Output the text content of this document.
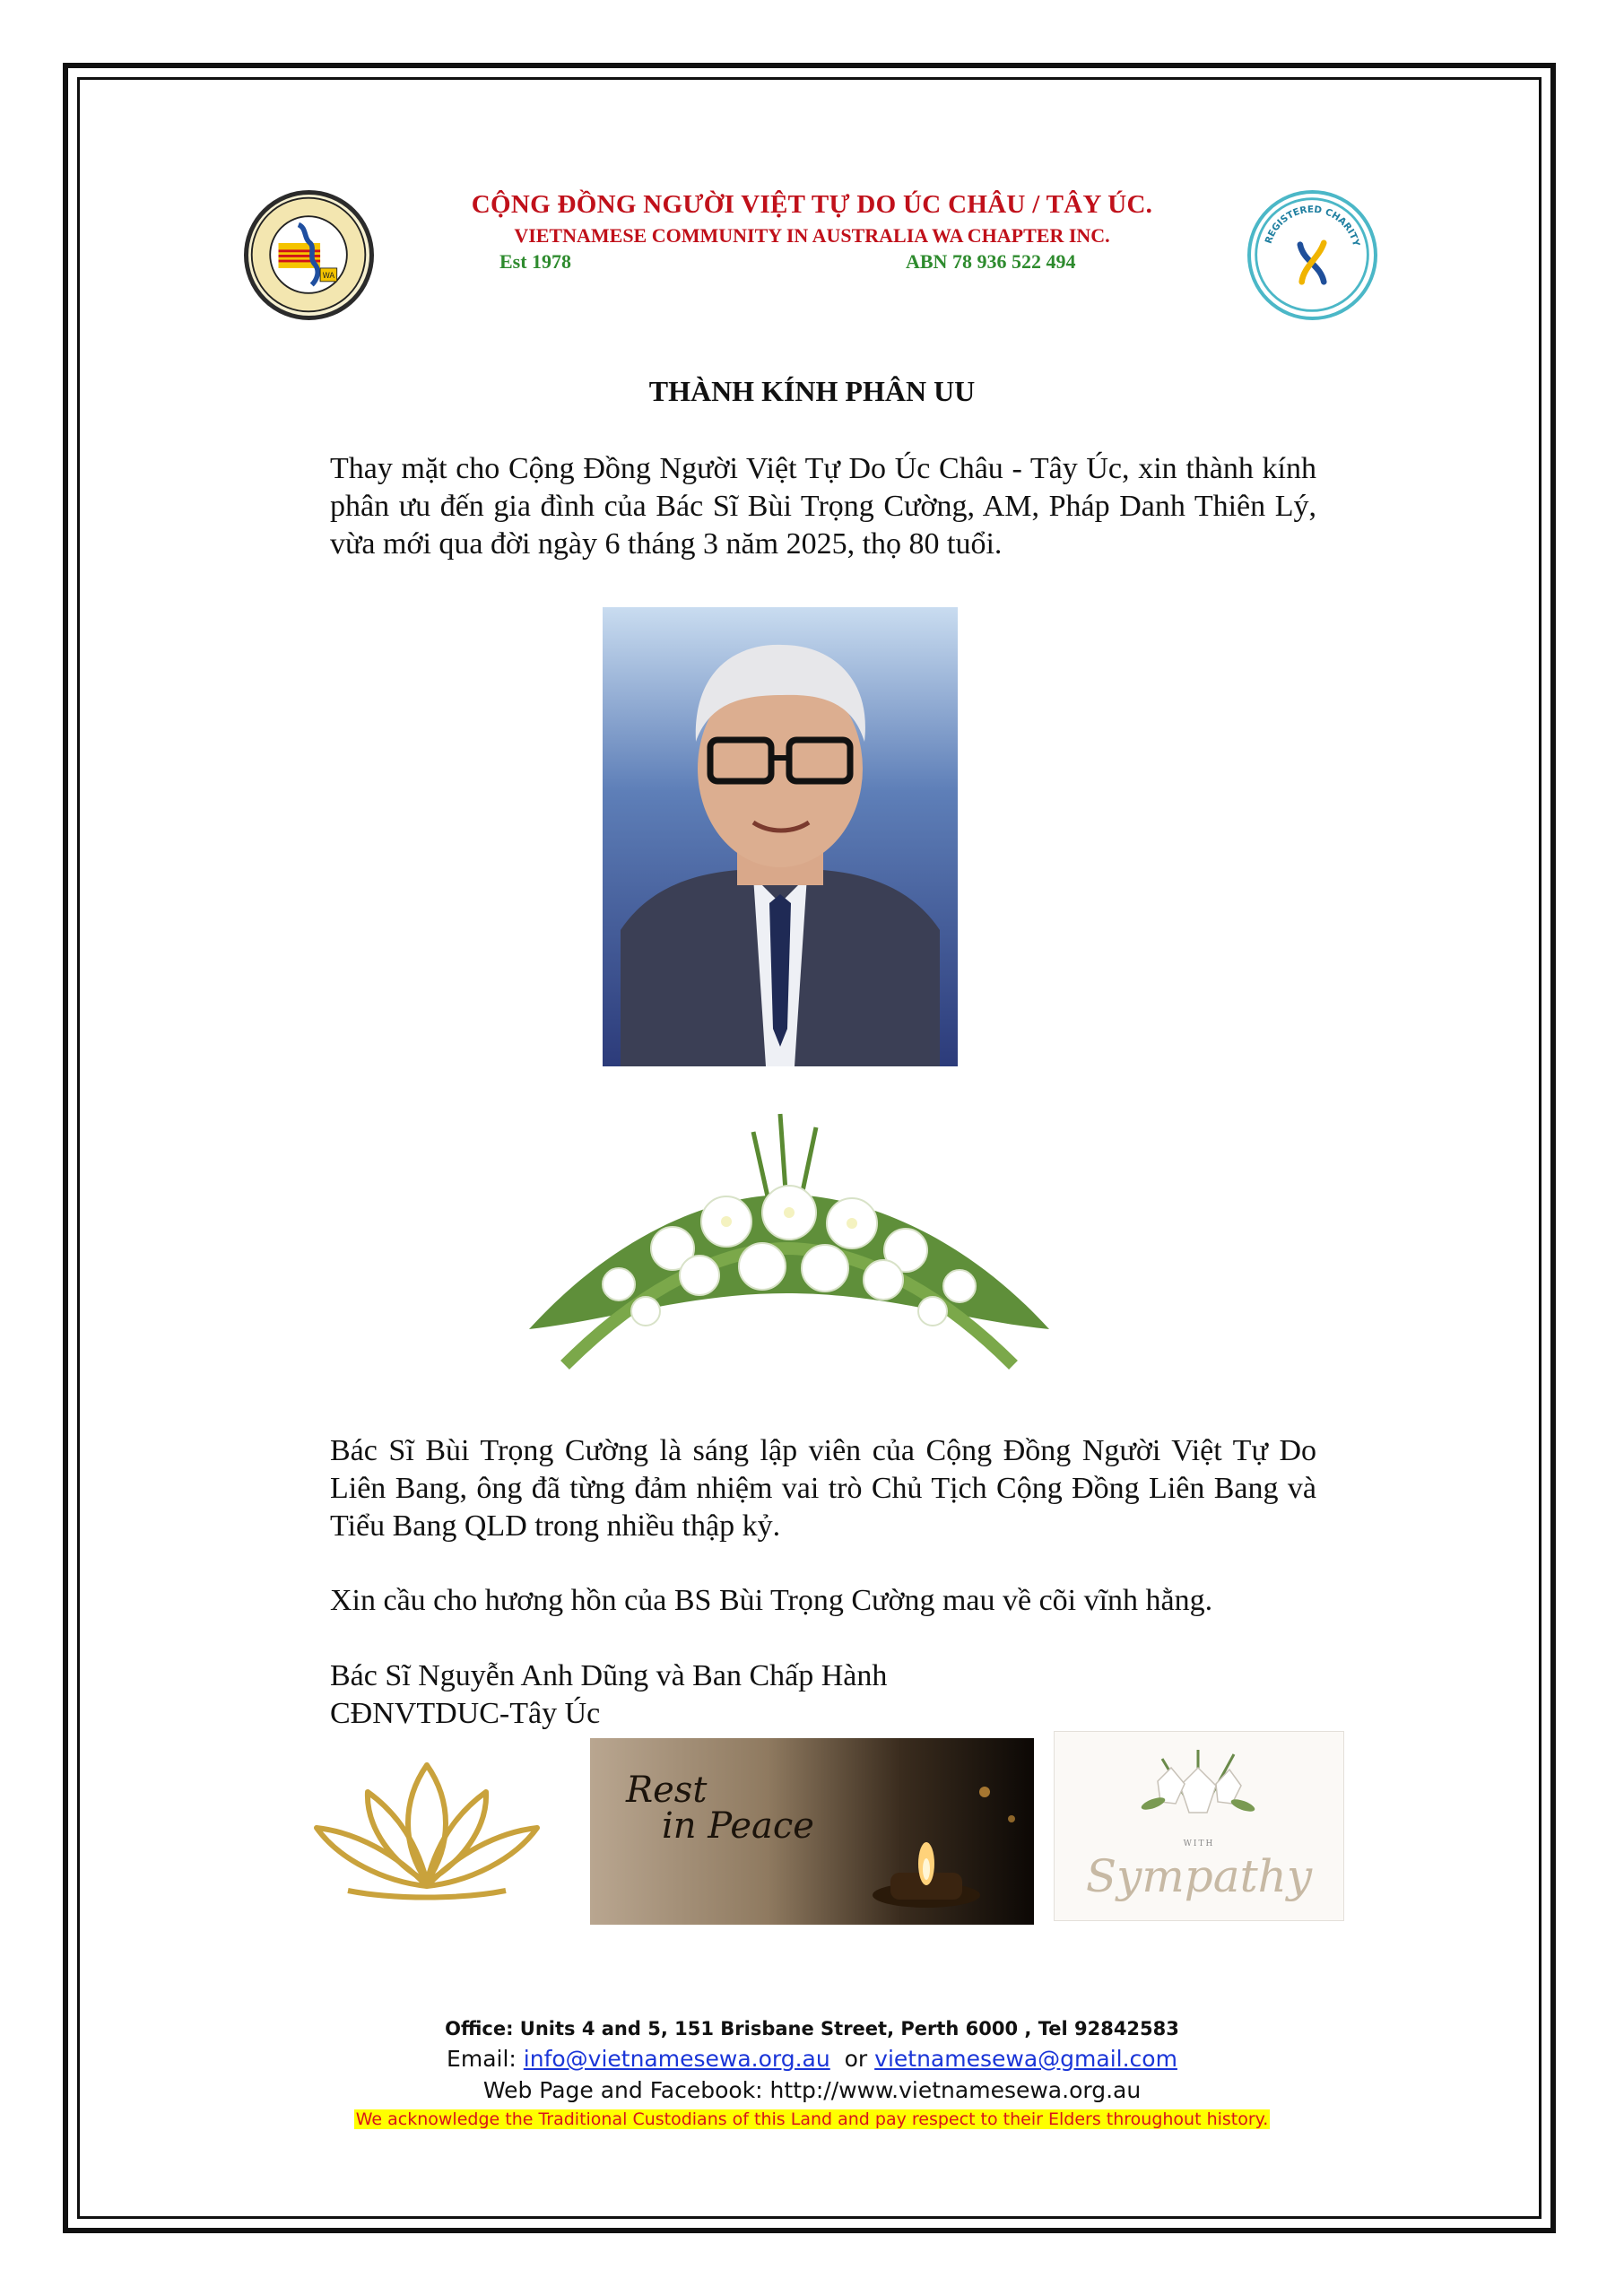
WA
CỘNG ĐỒNG NGƯỜI VIỆT TỰ DO ÚC CHÂU / TÂY ÚC.
VIETNAMESE COMMUNITY IN AUSTRALIA WA CHAPTER INC.
Est 1978	ABN 78 936 522 494
REGISTERED CHARITY
THÀNH KÍNH PHÂN UU
Thay mặt cho Cộng Đồng Người Việt Tự Do Úc Châu - Tây Úc, xin thành kính phân ưu đến gia đình của Bác Sĩ Bùi Trọng Cường, AM, Pháp Danh Thiên Lý, vừa mới qua đời ngày 6 tháng 3 năm 2025, thọ 80 tuổi.
Bác Sĩ Bùi Trọng Cường là sáng lập viên của Cộng Đồng Người Việt Tự Do Liên Bang, ông đã từng đảm nhiệm vai trò Chủ Tịch Cộng Đồng Liên Bang và Tiểu Bang QLD trong nhiều thập kỷ.
Xin cầu cho hương hồn của BS Bùi Trọng Cường mau về cõi vĩnh hằng.
Bác Sĩ Nguyễn Anh Dũng và Ban Chấp Hành
CĐNVTDUC-Tây Úc
Rest
in Peace	WITH
Sympathy
Office: Units 4 and 5, 151 Brisbane Street, Perth 6000 , Tel 92842583
Email: info@vietnamesewa.org.au  or vietnamesewa@gmail.com
Web Page and Facebook: http://www.vietnamesewa.org.au
We acknowledge the Traditional Custodians of this Land and pay respect to their Elders throughout history.
